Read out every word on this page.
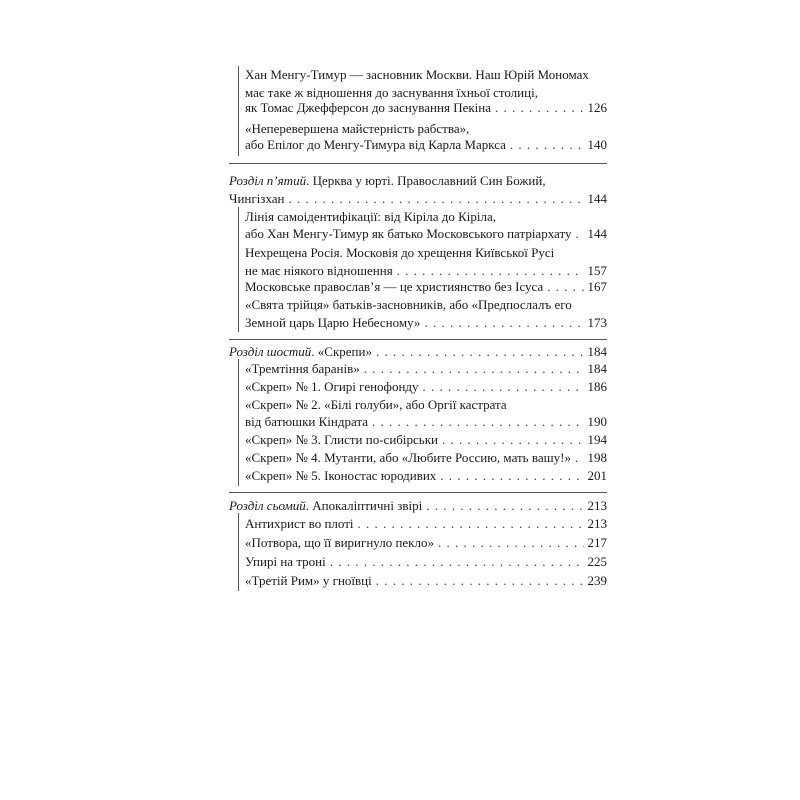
Хан Менгу-Тимур — засновник Москви. Наш Юрій Мономах
має таке ж відношення до заснування їхньої столиці,
як Томас Джефферсон до заснування Пекіна . . .	126
«Неперевершена майстерність рабства»,
або Епілог до Менгу-Тимура від Карла Маркса . . .	140
Розділ п’ятий. Церква у юрті. Православний Син Божий,
Чингізхан . . .	144
Лінія самоідентифікації: від Кіріла до Кіріла,
або Хан Менгу-Тимур як батько Московського патріархату . . . 144
Нехрещена Росія. Московія до хрещення Київської Русі
не має ніякого відношення . . .	157
Московське православ’я — це християнство без Ісуса . . .	167
«Свята трійця» батьків-засновників, або «Предпослалъ его
Земной царь Царю Небесному» . . .	173
Розділ шостий. «Скрепи» . . .	184
«Тремтіння баранів» . . .	184
«Скреп» № 1. Огирі генофонду . . .	186
«Скреп» № 2. «Білі голуби», або Оргії кастрата
від батюшки Кіндрата . . .	190
«Скреп» № 3. Глисти по-сибірськи . . .	194
«Скреп» № 4. Мутанти, або «Любите Россию, мать вашу!» . . . 198
«Скреп» № 5. Іконостас юродивих . . .	201
Розділ сьомий. Апокаліптичні звірі . . .	213
Антихрист во плоті . . .	213
«Потвора, що її виригнуло пекло» . . .	217
Упирі на троні . . .	225
«Третій Рим» у гноївці . . .	239
